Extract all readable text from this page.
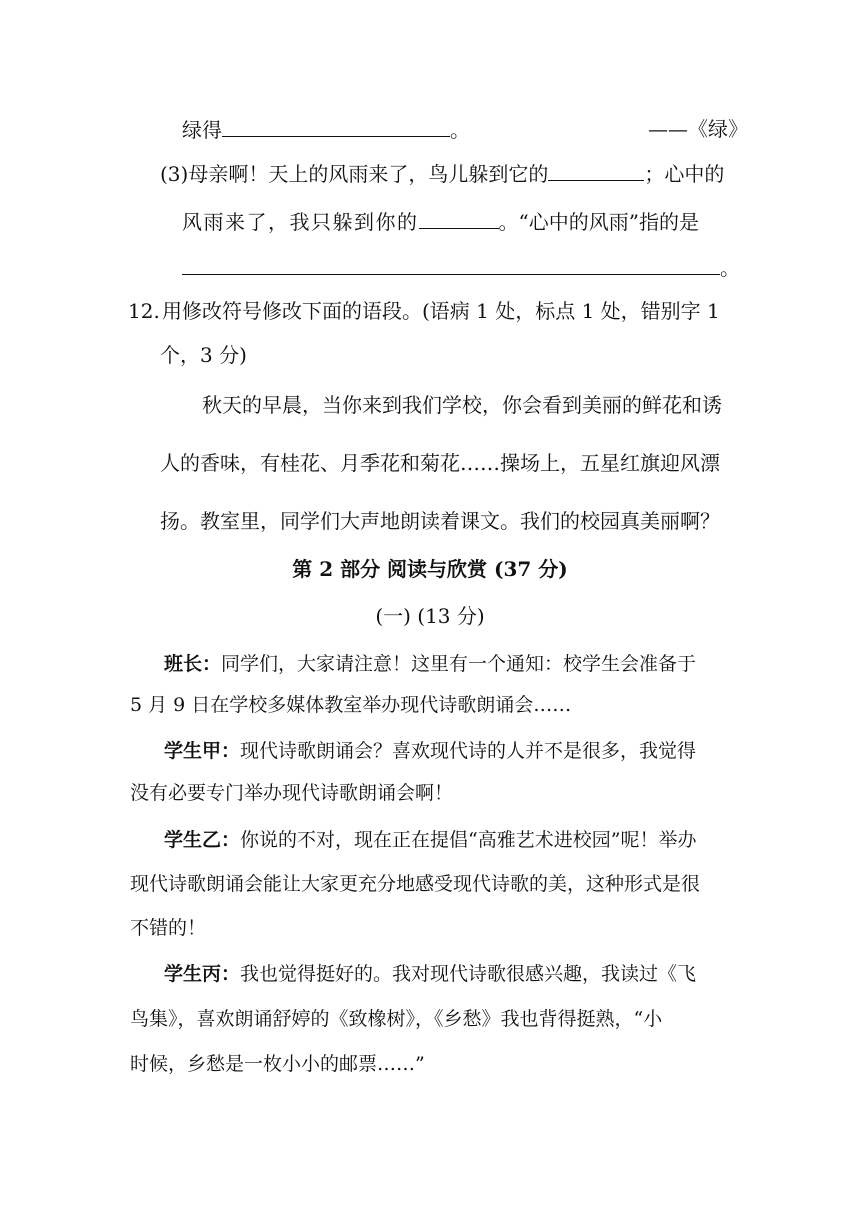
绿得	。	——《绿》
(3)母亲啊！天上的风雨来了，鸟儿躲到它的	；心中的
风雨来了，我只躲到你的	。“心中的风雨”指的是
。
12. 用修改符号修改下面的语段。(语病 1 处，标点 1 处，错别字 1
个，3 分)
秋天的早晨，当你来到我们学校，你会看到美丽的鲜花和诱
人的香味，有桂花、月季花和菊花……操场上，五星红旗迎风漂
扬。教室里，同学们大声地朗读着课文。我们的校园真美丽啊？
第 2 部分 阅读与欣赏 (37 分)
(一) (13 分)
班长：同学们，大家请注意！这里有一个通知：校学生会准备于
5 月 9 日在学校多媒体教室举办现代诗歌朗诵会……
学生甲：现代诗歌朗诵会？喜欢现代诗的人并不是很多，我觉得
没有必要专门举办现代诗歌朗诵会啊！
学生乙：你说的不对，现在正在提倡“高雅艺术进校园”呢！举办
现代诗歌朗诵会能让大家更充分地感受现代诗歌的美，这种形式是很
不错的！
学生丙：我也觉得挺好的。我对现代诗歌很感兴趣，我读过《飞
鸟集》，喜欢朗诵舒婷的《致橡树》，《乡愁》我也背得挺熟，“小
时候，乡愁是一枚小小的邮票……”
